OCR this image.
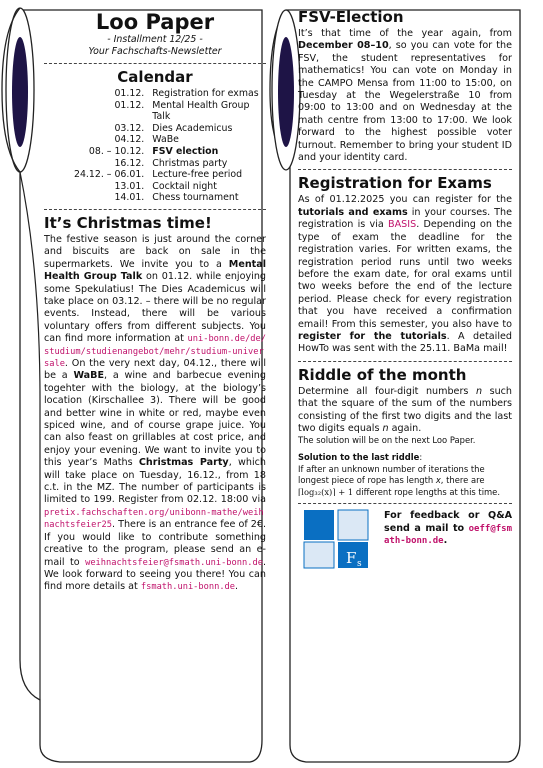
Loo Paper
- Installment 12/25 -
Your Fachschafts-Newsletter
Calendar
01.12.	Registration for exmas
01.12.	Mental Health Group Talk
03.12.	Dies Academicus
04.12.	WaBe
08. – 10.12.	FSV election
16.12.	Christmas party
24.12. – 06.01.	Lecture-free period
13.01.	Cocktail night
14.01.	Chess tournament
It’s Christmas time!

The festive season is just around the corner and biscuits are back on sale in the supermarkets. We invite you to a Mental Health Group Talk on 01.12. while enjoying some Spekulatius! The Dies Academicus will take place on 03.12. – there will be no regular events. Instead, there will be various voluntary offers from different subjects. You can find more information at uni-bonn.de/de/studium/studienangebot/mehr/studium-universale. On the very next day, 04.12., there will be a WaBE, a wine and barbecue evening togehter with the biology, at the biology’s location (Kirschallee 3). There will be good and better wine in white or red, maybe even spiced wine, and of course grape juice. You can also feast on grillables at cost price, and enjoy your evening. We want to invite you to this year’s Maths Christmas Party, which will take place on Tuesday, 16.12., from 18 c.t. in the MZ. The number of participants is limited to 199. Register from 02.12. 18:00 via pretix.fachschaften.org/unibonn-mathe/weihnachtsfeier25. There is an entrance fee of 2€. If you would like to contribute something creative to the program, please send an e-mail to weihnachtsfeier@fsmath.uni-bonn.de. We look forward to seeing you there! You can find more details at fsmath.uni-bonn.de.

FSV-Election

It’s that time of the year again, from December 08–10, so you can vote for the FSV, the student representatives for mathematics! You can vote on Monday in the CAMPO Mensa from 11:00 to 15:00, on Tuesday at the Wegelerstraße 10 from 09:00 to 13:00 and on Wednesday at the math centre from 13:00 to 17:00. We look forward to the highest possible voter turnout. Remember to bring your student ID and your identity card.

Registration for Exams

As of 01.12.2025 you can register for the tutorials and exams in your courses. The registration is via BASIS. Depending on the type of exam the deadline for the registration varies. For written exams, the registration period runs until two weeks before the exam date, for oral exams until two weeks before the end of the lecture period. Please check for every registration that you have received a confirmation email! From this semester, you also have to register for the tutorials. A detailed HowTo was sent with the 25.11. BaMa mail!

Riddle of the month

Determine all four-digit numbers n such that the square of the sum of the numbers consisting of the first two digits and the last two digits equals n again.

The solution will be on the next Loo Paper.

Solution to the last riddle:

If after an unknown number of iterations the longest piece of rope has length x, there are ⌈log₃₂(x)⌉ + 1 different rope lengths at this time.

F s
For feedback or Q&A send a mail to oeff@fsmath-bonn.de.
